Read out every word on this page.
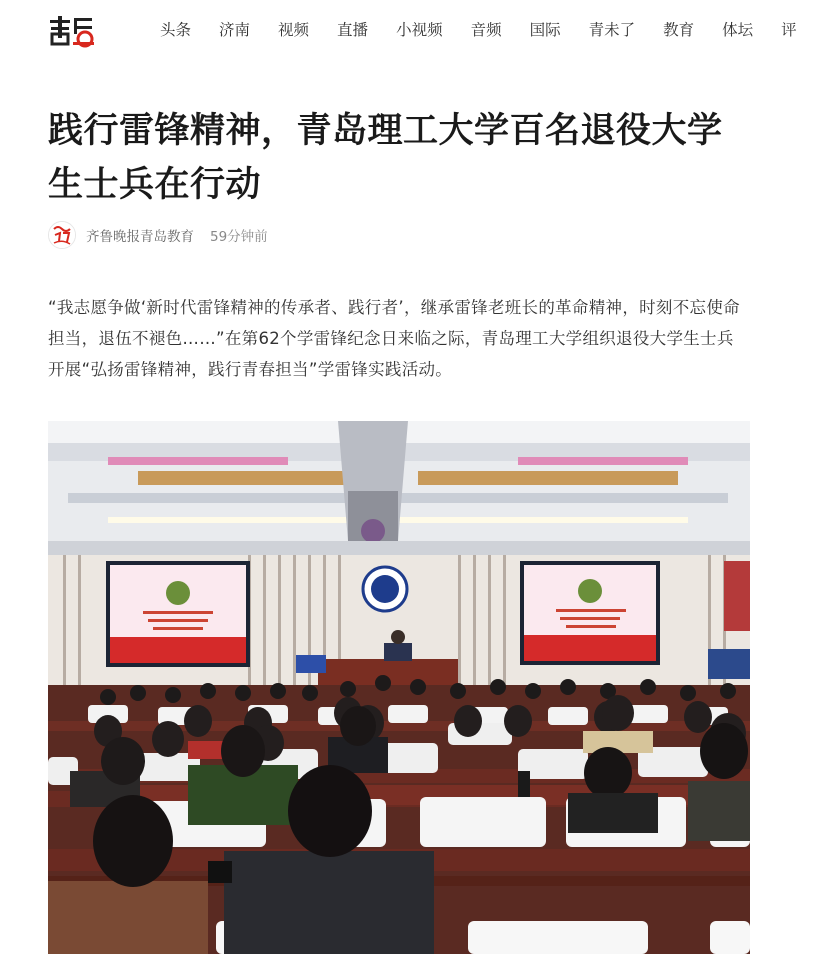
头条 济南 视频 直播 小视频 音频 国际 青未了 教育 体坛 评
践行雷锋精神，青岛理工大学百名退役大学生士兵在行动
齐鲁晚报青岛教育 59分钟前

“我志愿争做‘新时代雷锋精神的传承者、践行者’，继承雷锋老班长的革命精神，时刻不忘使命担当，退伍不褪色……”在第62个学雷锋纪念日来临之际，青岛理工大学组织退役大学生士兵开展“弘扬雷锋精神，践行青春担当”学雷锋实践活动。
